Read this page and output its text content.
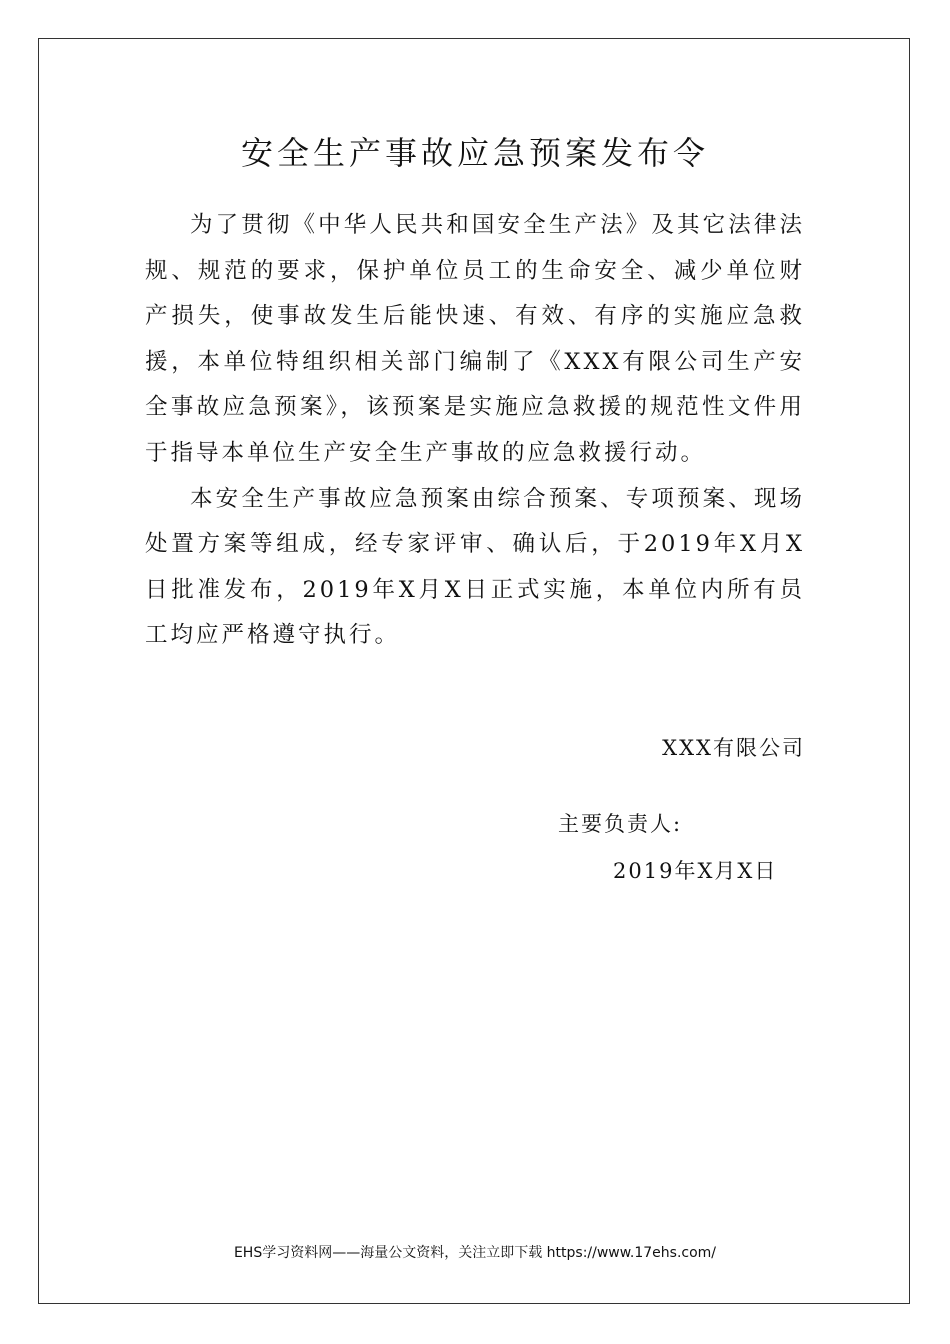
安全生产事故应急预案发布令

为了贯彻《中华人民共和国安全生产法》及其它法律法规、规范的要求，保护单位员工的生命安全、减少单位财产损失，使事故发生后能快速、有效、有序的实施应急救援，本单位特组织相关部门编制了《XXX有限公司生产安全事故应急预案》，该预案是实施应急救援的规范性文件用于指导本单位生产安全生产事故的应急救援行动。

本安全生产事故应急预案由综合预案、专项预案、现场处置方案等组成，经专家评审、确认后，于2019年X月X日批准发布，2019年X月X日正式实施，本单位内所有员工均应严格遵守执行。

XXX有限公司
主要负责人:
2019年X月X日
EHS学习资料网——海量公文资料，关注立即下载 https://www.17ehs.com/
